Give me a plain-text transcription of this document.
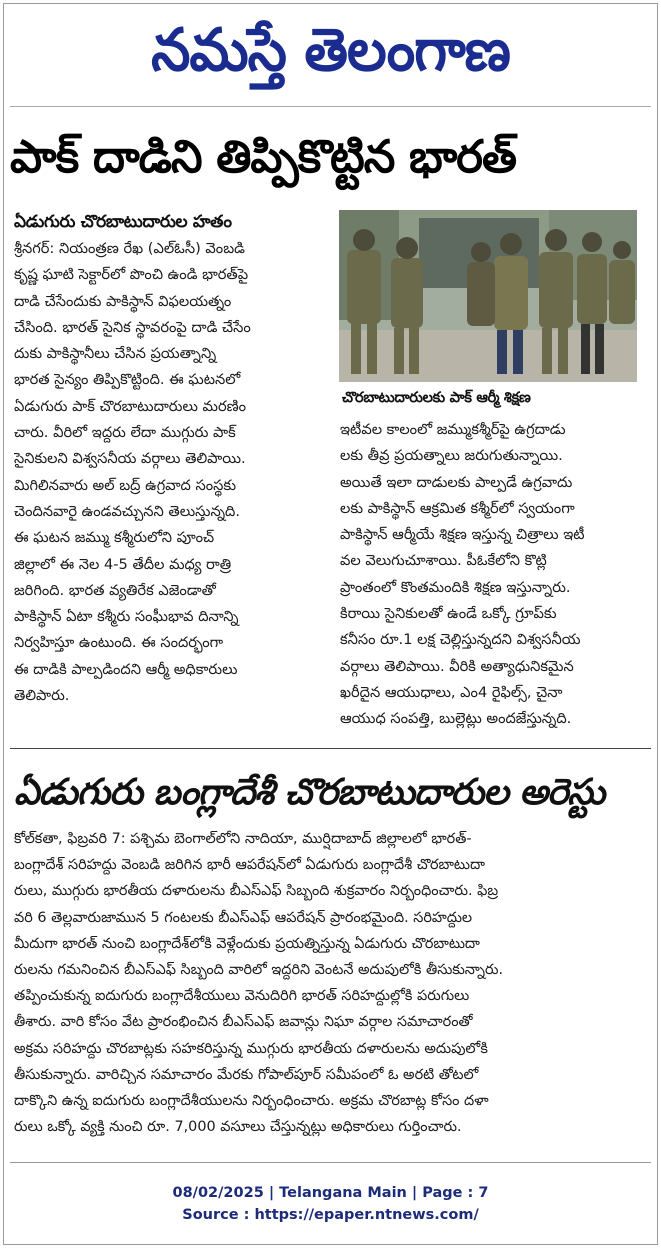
నమస్తే తెలంగాణ
పాక్ దాడిని తిప్పికొట్టిన భారత్
ఏడుగురు చొరబాటుదారుల హతం
శ్రీనగర్: నియంత్రణ రేఖ (ఎల్ఓసీ) వెంబడి
కృష్ణ ఘాటి సెక్టార్‌లో పొంచి ఉండి భారత్‌పై
దాడి చేసేందుకు పాకిస్థాన్ విఫలయత్నం
చేసింది. భారత్ సైనిక స్థావరంపై దాడి చేసేం
దుకు పాకిస్థానీలు చేసిన ప్రయత్నాన్ని
భారత సైన్యం తిప్పికొట్టింది. ఈ ఘటనలో
ఏడుగురు పాక్ చొరబాటుదారులు మరణిం
చారు. వీరిలో ఇద్దరు లేదా ముగ్గురు పాక్
సైనికులని విశ్వసనీయ వర్గాలు తెలిపాయి.
మిగిలినవారు అల్ బద్ర్ ఉగ్రవాద సంస్థకు
చెందినవారై ఉండవచ్చునని తెలుస్తున్నది.
ఈ ఘటన జమ్ము కశ్మీరులోని పూంచ్
జిల్లాలో ఈ నెల 4-5 తేదీల మధ్య రాత్రి
జరిగింది. భారత వ్యతిరేక ఎజెండాతో
పాకిస్థాన్ ఏటా కశ్మీరు సంఘీభావ దినాన్ని
నిర్వహిస్తూ ఉంటుంది. ఈ సందర్భంగా
ఈ దాడికి పాల్పడిందని ఆర్మీ అధికారులు
తెలిపారు.
చొరబాటుదారులకు పాక్ ఆర్మీ శిక్షణ
ఇటీవల కాలంలో జమ్ముకశ్మీర్‌పై ఉగ్రదాడు
లకు తీవ్ర ప్రయత్నాలు జరుగుతున్నాయి.
అయితే ఇలా దాడులకు పాల్పడే ఉగ్రవాదు
లకు పాకిస్థాన్ ఆక్రమిత కశ్మీర్‌లో స్వయంగా
పాకిస్థాన్ ఆర్మీయే శిక్షణ ఇస్తున్న చిత్రాలు ఇటీ
వల వెలుగుచూశాయి. పీఓకేలోని కొట్లి
ప్రాంతంలో కొంతమందికి శిక్షణ ఇస్తున్నారు.
కిరాయి సైనికులతో ఉండే ఒక్కో గ్రూప్‌కు
కనీసం రూ.1 లక్ష చెల్లిస్తున్నదని విశ్వసనీయ
వర్గాలు తెలిపాయి. వీరికి అత్యాధునికమైన
ఖరీదైన ఆయుధాలు, ఎం4 రైఫిల్స్, చైనా
ఆయుధ సంపత్తి, బుల్లెట్లు అందజేస్తున్నది.
ఏడుగురు బంగ్లాదేశీ చొరబాటుదారుల అరెస్టు
కోల్‌కతా, ఫిబ్రవరి 7: పశ్చిమ బెంగాల్‌లోని నాదియా, ముర్షిదాబాద్ జిల్లాలలో భారత్-
బంగ్లాదేశ్ సరిహద్దు వెంబడి జరిగిన భారీ ఆపరేషన్‌లో ఏడుగురు బంగ్లాదేశీ చొరబాటుదా
రులు, ముగ్గురు భారతీయ దళారులను బీఎస్ఎఫ్ సిబ్బంది శుక్రవారం నిర్బంధించారు. ఫిబ్ర
వరి 6 తెల్లవారుజామున 5 గంటలకు బీఎస్ఎఫ్ ఆపరేషన్ ప్రారంభమైంది. సరిహద్దుల
మీదుగా భారత్ నుంచి బంగ్లాదేశ్‌లోకి వెళ్లేందుకు ప్రయత్నిస్తున్న ఏడుగురు చొరబాటుదా
రులను గమనించిన బీఎస్ఎఫ్ సిబ్బంది వారిలో ఇద్దరిని వెంటనే అదుపులోకి తీసుకున్నారు.
తప్పించుకున్న ఐదుగురు బంగ్లాదేశీయులు వెనుదిరిగి భారత్ సరిహద్దుల్లోకి పరుగులు
తీశారు. వారి కోసం వేట ప్రారంభించిన బీఎస్ఎఫ్ జవాన్లు నిఘా వర్గాల సమాచారంతో
అక్రమ సరిహద్దు చొరబాట్లకు సహకరిస్తున్న ముగ్గురు భారతీయ దళారులను అదుపులోకి
తీసుకున్నారు. వారిచ్చిన సమాచారం మేరకు గోపాల్‌పూర్ సమీపంలో ఓ అరటి తోటలో
దాక్కొని ఉన్న ఐదుగురు బంగ్లాదేశీయులను నిర్బంధించారు. అక్రమ చొరబాట్ల కోసం దళా
రులు ఒక్కో వ్యక్తి నుంచి రూ. 7,000 వసూలు చేస్తున్నట్లు అధికారులు గుర్తించారు.
08/02/2025 | Telangana Main | Page : 7
Source : https://epaper.ntnews.com/
